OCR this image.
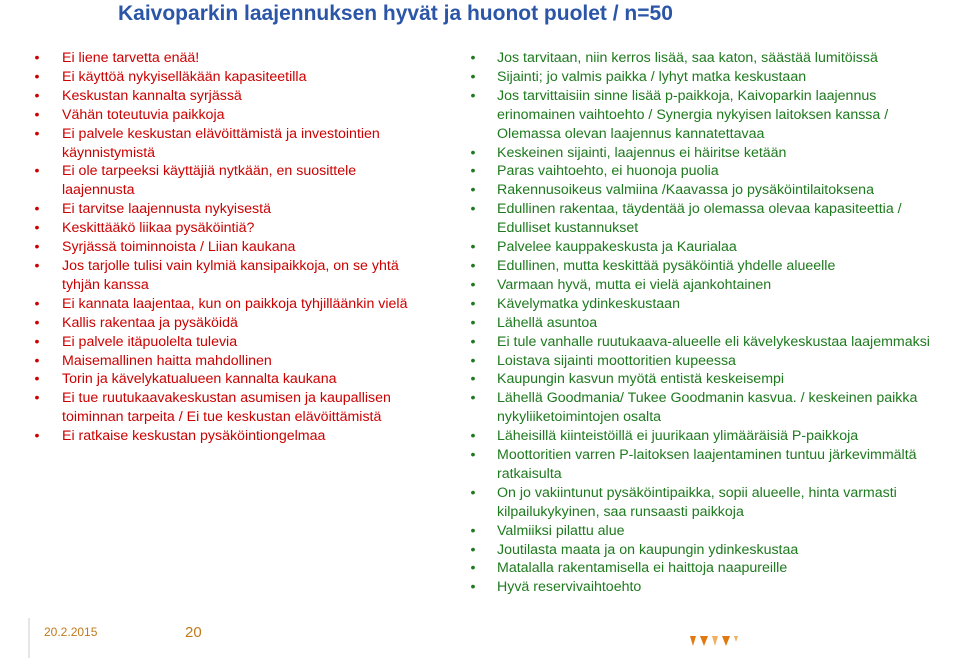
Kaivoparkin laajennuksen hyvät ja huonot puolet / n=50
• Ei liene tarvetta enää!
• Ei käyttöä nykyiselläkään kapasiteetilla
• Keskustan kannalta syrjässä
• Vähän toteutuvia paikkoja
• Ei palvele keskustan elävöittämistä ja investointien käynnistymistä
• Ei ole tarpeeksi käyttäjiä nytkään, en suosittele laajennusta
• Ei tarvitse laajennusta nykyisestä
• Keskittääkö liikaa pysäköintiä?
• Syrjässä toiminnoista / Liian kaukana
• Jos tarjolle tulisi vain kylmiä kansipaikkoja, on se yhtä tyhjän kanssa
• Ei kannata laajentaa, kun on paikkoja tyhjilläänkin vielä
• Kallis rakentaa ja pysäköidä
• Ei palvele itäpuolelta tulevia
• Maisemallinen haitta mahdollinen
• Torin ja kävelykatualueen kannalta kaukana
• Ei tue ruutukaavakeskustan asumisen ja kaupallisen toiminnan tarpeita / Ei tue keskustan elävöittämistä
• Ei ratkaise keskustan pysäköintiongelmaa
• Jos tarvitaan, niin kerros lisää, saa katon, säästää lumitöissä
• Sijainti; jo valmis paikka / lyhyt matka keskustaan
• Jos tarvittaisiin sinne lisää p-paikkoja, Kaivoparkin laajennus erinomainen vaihtoehto / Synergia nykyisen laitoksen kanssa / Olemassa olevan laajennus kannatettavaa
• Keskeinen sijainti, laajennus ei häiritse ketään
• Paras vaihtoehto, ei huonoja puolia
• Rakennusoikeus valmiina /Kaavassa jo pysäköintilaitoksena
• Edullinen rakentaa, täydentää jo olemassa olevaa kapasiteettia / Edulliset kustannukset
• Palvelee kauppakeskusta ja Kaurialaa
• Edullinen, mutta keskittää pysäköintiä yhdelle alueelle
• Varmaan hyvä, mutta ei vielä ajankohtainen
• Kävelymatka ydinkeskustaan
• Lähellä asuntoa
• Ei tule vanhalle ruutukaava-alueelle eli kävelykeskustaa laajemmaksi
• Loistava sijainti moottoritien kupeessa
• Kaupungin kasvun myötä entistä keskeisempi
• Lähellä Goodmania/ Tukee Goodmanin kasvua. / keskeinen paikka nykyliiketoimintojen osalta
• Läheisillä kiinteistöillä ei juurikaan ylimääräisiä P-paikkoja
• Moottoritien varren P-laitoksen laajentaminen tuntuu järkevimmältä ratkaisulta
• On jo vakiintunut pysäköintipaikka, sopii alueelle, hinta varmasti kilpailukykyinen, saa runsaasti paikkoja
• Valmiiksi pilattu alue
• Joutilasta maata ja on kaupungin ydinkeskustaa
• Matalalla rakentamisella ei haittoja naapureille
• Hyvä reservivaihtoehto
20.2.2015	20
